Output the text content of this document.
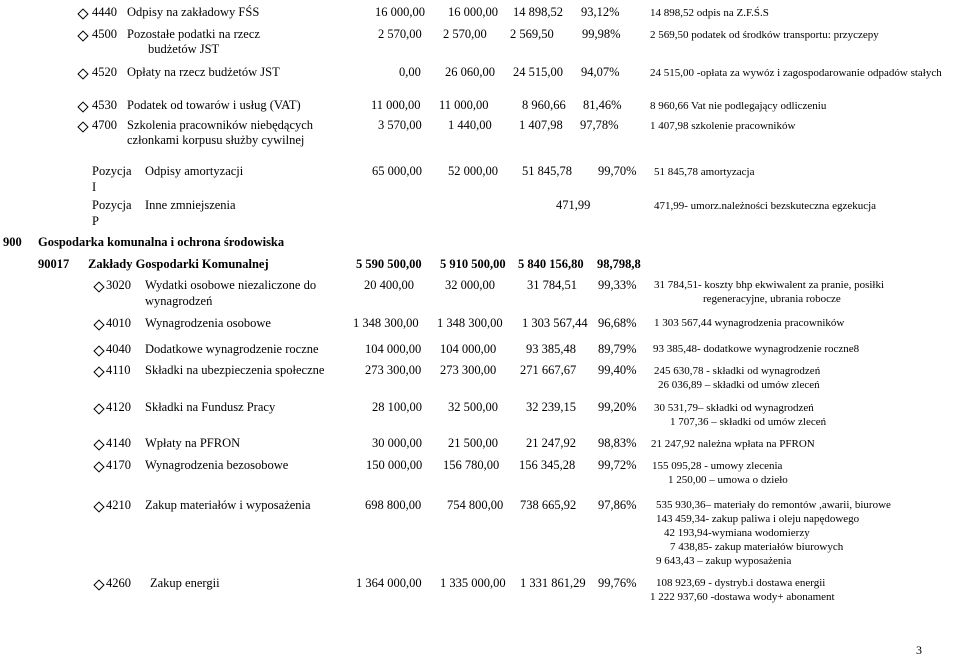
4440 Odpisy na zakładowy FŚS	16 000,00 16 000,00 14 898,52 93,12%	14 898,52 odpis na Z.F.Ś.S
4500 Pozostałe podatki na rzecz
budżetów JST
2 570,00 2 570,00 2 569,50 99,98%	2 569,50 podatek od środków transportu: przyczepy
4520 Opłaty na rzecz budżetów JST	0,00 26 060,00 24 515,00 94,07%	24 515,00 -opłata za wywóz i zagospodarowanie odpadów stałych
4530 Podatek od towarów i usług (VAT)	11 000,00 11 000,00	8 960,66 81,46%	8 960,66 Vat nie podlegający odliczeniu
4700 Szkolenia pracowników niebędących
członkami korpusu służby cywilnej
3 570,00 1 440,00 1 407,98 97,78%	1 407,98 szkolenie pracowników
Pozycja
I
Odpisy amortyzacji	65 000,00 52 000,00 51 845,78 99,70% 51 845,78 amortyzacja
Pozycja
P
Inne zmniejszenia	471,99	471,99- umorz.należności bezskuteczna egzekucja
900 Gospodarka komunalna i ochrona środowiska
90017 Zakłady Gospodarki Komunalnej	5 590 500,00 5 910 500,00 5 840 156,80 98,798,8
3020 Wydatki osobowe niezaliczone do
wynagrodzeń
20 400,00 32 000,00	31 784,51 99,33% 31 784,51- koszty bhp ekwiwalent za pranie, posiłki
regeneracyjne, ubrania robocze
4010 Wynagrodzenia osobowe	1 348 300,00 1 348 300,00 1 303 567,44 96,68% 1 303 567,44 wynagrodzenia pracowników
4040 Dodatkowe wynagrodzenie roczne	104 000,00 104 000,00 93 385,48 89,79% 93 385,48- dodatkowe wynagrodzenie roczne8
4110 Składki na ubezpieczenia społeczne	273 300,00 273 300,00 271 667,67 99,40% 245 630,78 - składki od wynagrodzeń
26 036,89 – składki od umów zleceń
4120 Składki na Fundusz Pracy	28 100,00 32 500,00 32 239,15 99,20% 30 531,79– składki od wynagrodzeń
1 707,36 – składki od umów zleceń
4140 Wpłaty na PFRON	30 000,00 21 500,00 21 247,92 98,83% 21 247,92 należna wpłata na PFRON
4170 Wynagrodzenia bezosobowe	150 000,00 156 780,00 156 345,28 99,72% 155 095,28 - umowy zlecenia
1 250,00 – umowa o dzieło
4210 Zakup materiałów i wyposażenia	698 800,00 754 800,00 738 665,92 97,86% 535 930,36– materiały do remontów ,awarii, biurowe
143 459,34- zakup paliwa i oleju napędowego
42 193,94-wymiana wodomierzy
7 438,85- zakup materiałów biurowych
9 643,43 – zakup wyposażenia
4260 Zakup energii	1 364 000,00 1 335 000,00 1 331 861,29 99,76% 108 923,69 - dystryb.i dostawa energii
1 222 937,60 -dostawa wody+ abonament
3
